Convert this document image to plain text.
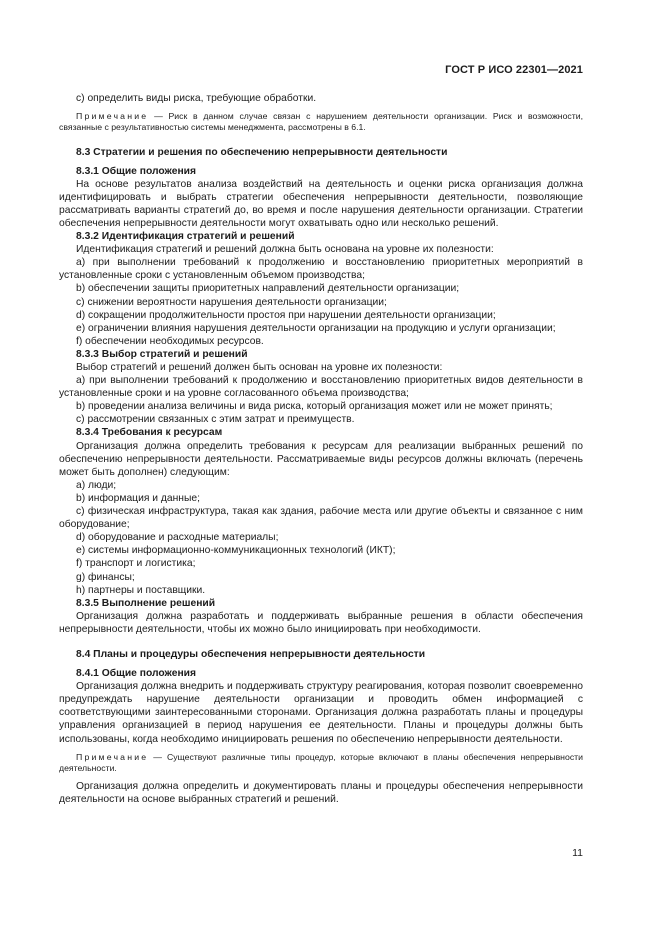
ГОСТ Р ИСО 22301—2021

с) определить виды риска, требующие обработки.

Примечание — Риск в данном случае связан с нарушением деятельности организации. Риск и возможности, связанные с результативностью системы менеджмента, рассмотрены в 6.1.

8.3 Стратегии и решения по обеспечению непрерывности деятельности

8.3.1 Общие положения

На основе результатов анализа воздействий на деятельность и оценки риска организация должна идентифицировать и выбрать стратегии обеспечения непрерывности деятельности, позволяющие рассматривать варианты стратегий до, во время и после нарушения деятельности организации. Стратегии обеспечения непрерывности деятельности могут охватывать одно или несколько решений.

8.3.2 Идентификация стратегий и решений

Идентификация стратегий и решений должна быть основана на уровне их полезности:

а) при выполнении требований к продолжению и восстановлению приоритетных мероприятий в установленные сроки с установленным объемом производства;

b) обеспечении защиты приоритетных направлений деятельности организации;

c) снижении вероятности нарушения деятельности организации;

d) сокращении продолжительности простоя при нарушении деятельности организации;

е) ограничении влияния нарушения деятельности организации на продукцию и услуги организации;

f) обеспечении необходимых ресурсов.

8.3.3 Выбор стратегий и решений

Выбор стратегий и решений должен быть основан на уровне их полезности:

а) при выполнении требований к продолжению и восстановлению приоритетных видов деятельности в установленные сроки и на уровне согласованного объема производства;

b) проведении анализа величины и вида риска, который организация может или не может принять;

c) рассмотрении связанных с этим затрат и преимуществ.

8.3.4 Требования к ресурсам

Организация должна определить требования к ресурсам для реализации выбранных решений по обеспечению непрерывности деятельности. Рассматриваемые виды ресурсов должны включать (перечень может быть дополнен) следующим:

а) люди;

b) информация и данные;

c) физическая инфраструктура, такая как здания, рабочие места или другие объекты и связанное с ним оборудование;

d) оборудование и расходные материалы;

е) системы информационно-коммуникационных технологий (ИКТ);

f) транспорт и логистика;

g) финансы;

h) партнеры и поставщики.

8.3.5 Выполнение решений

Организация должна разработать и поддерживать выбранные решения в области обеспечения непрерывности деятельности, чтобы их можно было инициировать при необходимости.

8.4 Планы и процедуры обеспечения непрерывности деятельности

8.4.1 Общие положения

Организация должна внедрить и поддерживать структуру реагирования, которая позволит своевременно предупреждать нарушение деятельности организации и проводить обмен информацией с соответствующими заинтересованными сторонами. Организация должна разработать планы и процедуры управления организацией в период нарушения ее деятельности. Планы и процедуры должны быть использованы, когда необходимо инициировать решения по обеспечению непрерывности деятельности.

Примечание — Существуют различные типы процедур, которые включают в планы обеспечения непрерывности деятельности.

Организация должна определить и документировать планы и процедуры обеспечения непрерывности деятельности на основе выбранных стратегий и решений.

11
